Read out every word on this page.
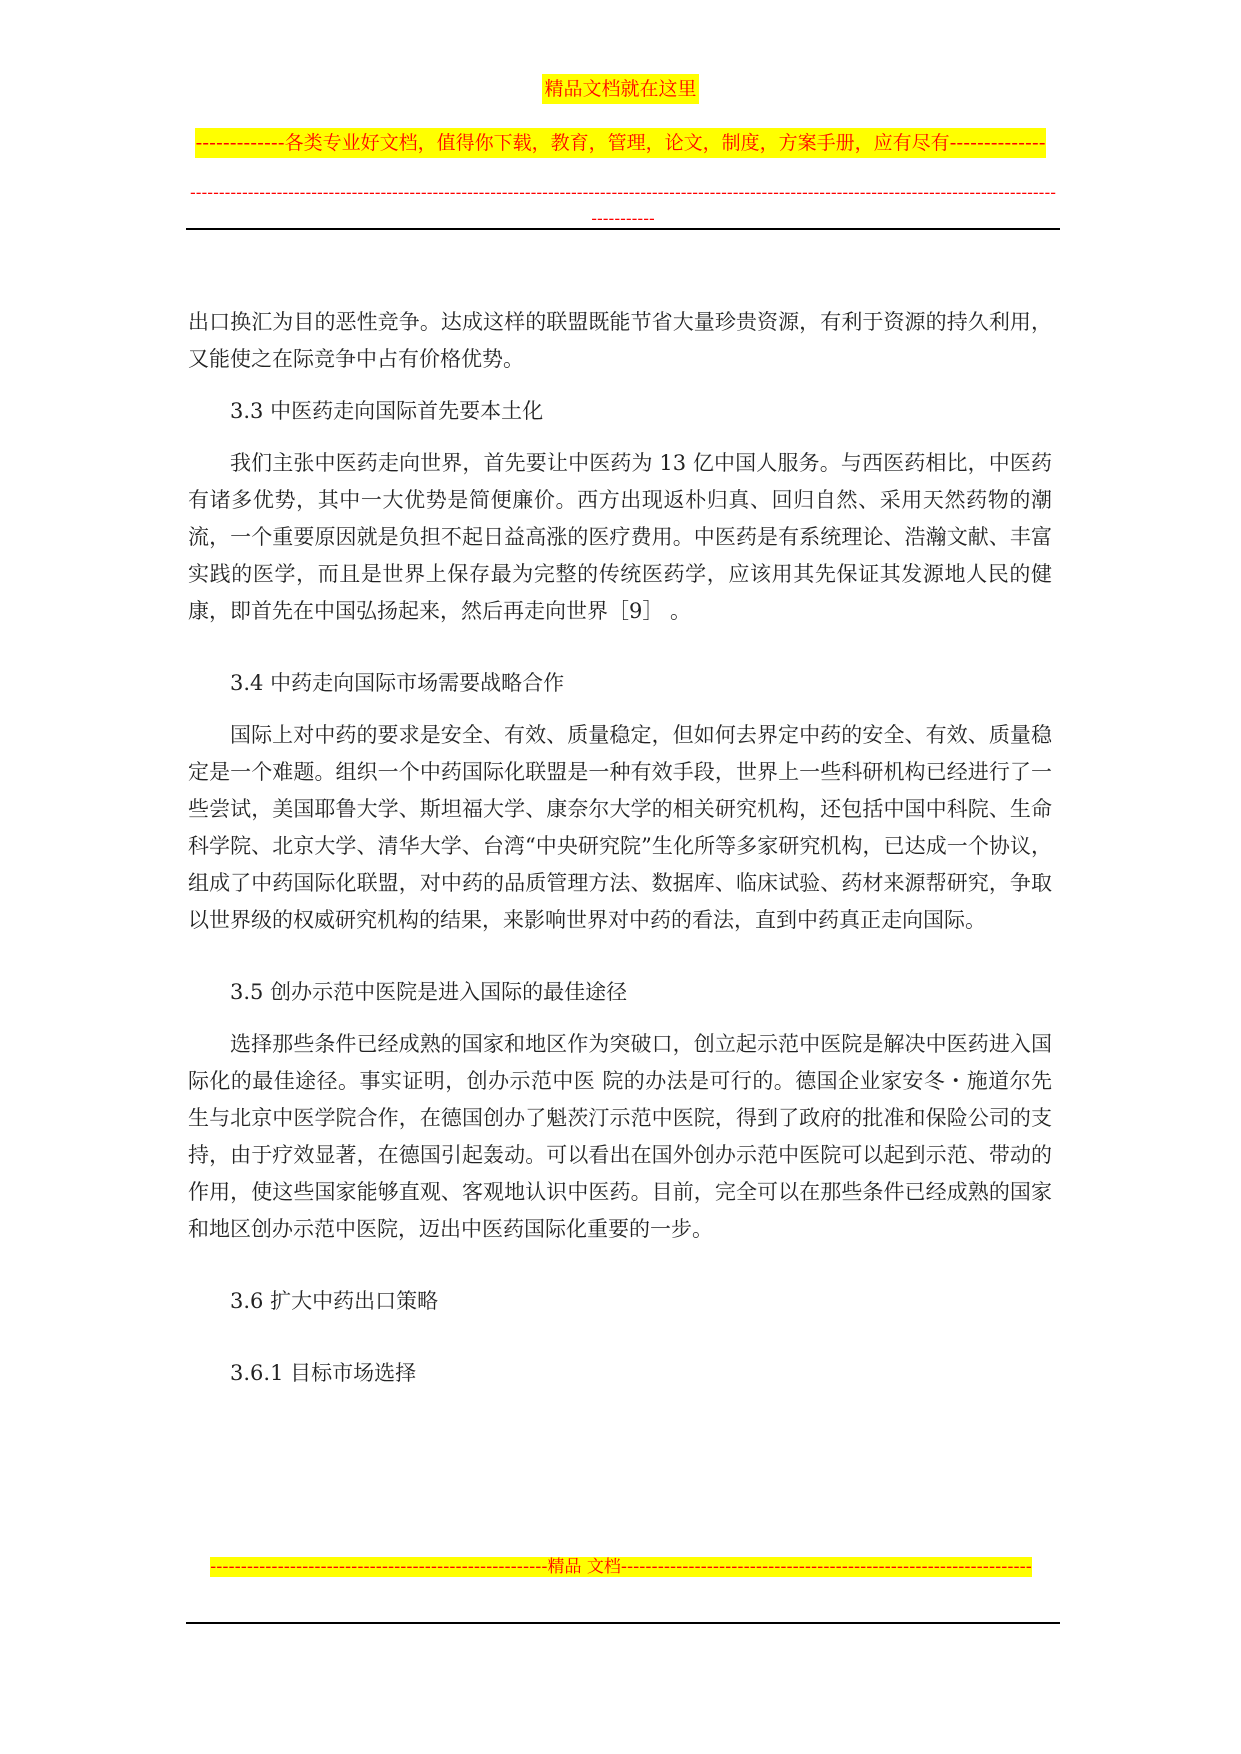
精品文档就在这里
-------------各类专业好文档，值得你下载，教育，管理，论文，制度，方案手册，应有尽有--------------
-----------------------------------------------------------------------------------------------------------------------------------------------------------------

出口换汇为目的恶性竞争。达成这样的联盟既能节省大量珍贵资源，有利于资源的持久利用，又能使之在际竞争中占有价格优势。

3.3 中医药走向国际首先要本土化

我们主张中医药走向世界，首先要让中医药为 13 亿中国人服务。与西医药相比，中医药有诸多优势，其中一大优势是简便廉价。西方出现返朴归真、回归自然、采用天然药物的潮流，一个重要原因就是负担不起日益高涨的医疗费用。中医药是有系统理论、浩瀚文献、丰富实践的医学，而且是世界上保存最为完整的传统医药学，应该用其先保证其发源地人民的健康，即首先在中国弘扬起来，然后再走向世界［9］ 。

3.4 中药走向国际市场需要战略合作

国际上对中药的要求是安全、有效、质量稳定，但如何去界定中药的安全、有效、质量稳定是一个难题。组织一个中药国际化联盟是一种有效手段，世界上一些科研机构已经进行了一些尝试，美国耶鲁大学、斯坦福大学、康奈尔大学的相关研究机构，还包括中国中科院、生命科学院、北京大学、清华大学、台湾“中央研究院”生化所等多家研究机构，已达成一个协议，组成了中药国际化联盟，对中药的品质管理方法、数据库、临床试验、药材来源帮研究，争取以世界级的权威研究机构的结果，来影响世界对中药的看法，直到中药真正走向国际。

3.5 创办示范中医院是进入国际的最佳途径

选择那些条件已经成熟的国家和地区作为突破口，创立起示范中医院是解决中医药进入国际化的最佳途径。事实证明，创办示范中医 院的办法是可行的。德国企业家安冬・施道尔先生与北京中医学院合作，在德国创办了魁茨汀示范中医院，得到了政府的批准和保险公司的支持，由于疗效显著，在德国引起轰动。可以看出在国外创办示范中医院可以起到示范、带动的作用，使这些国家能够直观、客观地认识中医药。目前，完全可以在那些条件已经成熟的国家和地区创办示范中医院，迈出中医药国际化重要的一步。

3.6 扩大中药出口策略

3.6.1 目标市场选择

-------------------------------------------------------精品 文档-------------------------------------------------------------------
